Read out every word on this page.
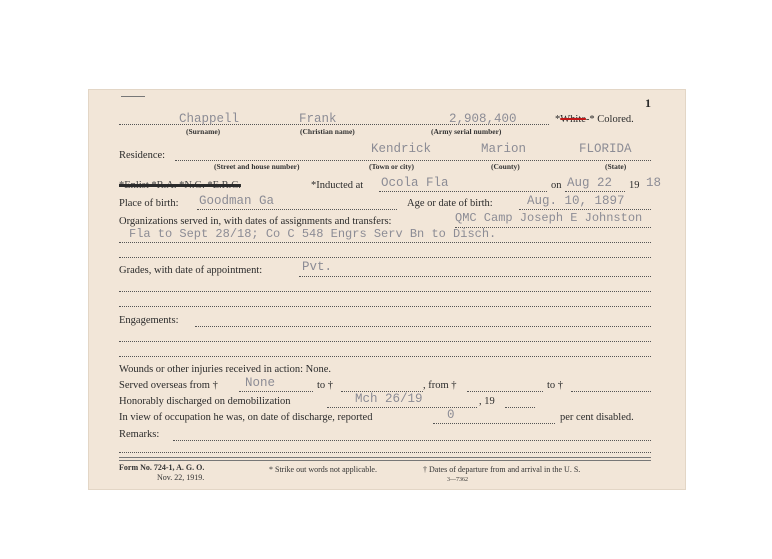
1
Chappell	Frank	2,908,400
(Surname)	(Christian name)	(Army serial number)
*White-* Colored.
Residence:	Kendrick	Marion	FLORIDA
(Street and house number)	(Town or city)	(County)	(State)
*Enlist *R.A. *N.G. *E.R.C.	*Inducted at Ocola Fla	on Aug 22 19 18
Place of birth: Goodman Ga	Age or date of birth:	Aug. 10, 1897
Organizations served in, with dates of assignments and transfers:	QMC Camp Joseph E Johnston
Fla to Sept 28/18; Co C 548 Engrs Serv Bn to Disch.
Grades, with date of appointment:	Pvt.
Engagements:
Wounds or other injuries received in action: None.
Served overseas from † None	to †	, from †	to †
Honorably discharged on demobilization	Mch 26/19	, 19
In view of occupation he was, on date of discharge, reported	0	per cent disabled.
Remarks:
Form No. 724-1, A. G. O.
Nov. 22, 1919.
* Strike out words not applicable.	† Dates of departure from and arrival in the U. S.
3—7362
